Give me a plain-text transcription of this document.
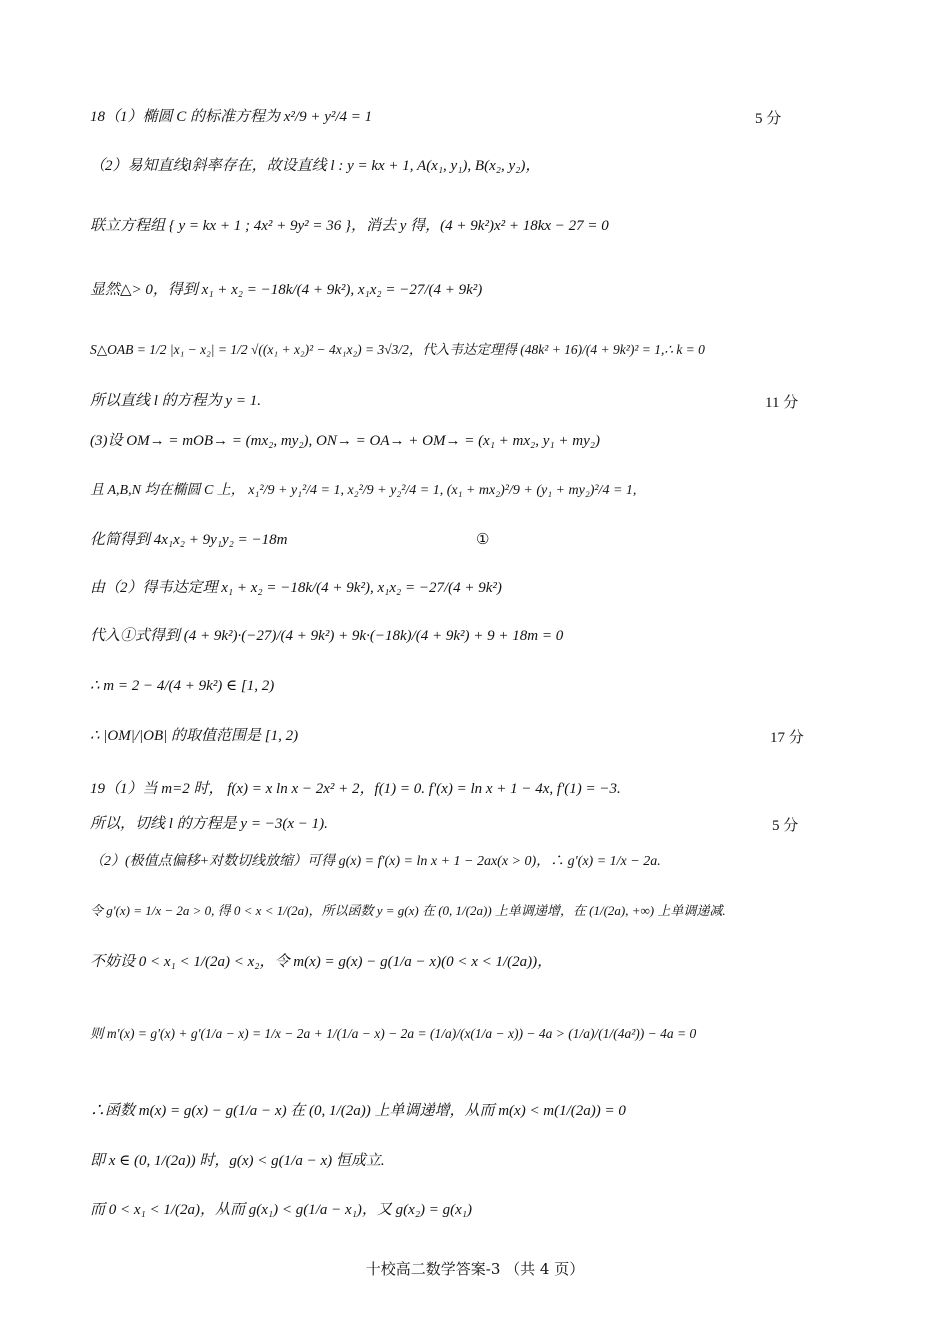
18（1）椭圆 C 的标准方程为 x²/9 + y²/4 = 1	5 分
（2）易知直线l斜率存在，故设直线 l : y = kx + 1, A(x₁, y₁), B(x₂, y₂)，
联立方程组 { y = kx + 1 ; 4x² + 9y² = 36 }，消去 y 得，(4 + 9k²)x² + 18kx − 27 = 0
显然△> 0，得到 x₁ + x₂ = −18k/(4 + 9k²), x₁x₂ = −27/(4 + 9k²)
S△OAB = 1/2 |x₁ − x₂| = 1/2 √((x₁ + x₂)² − 4x₁x₂) = 3√3/2，代入韦达定理得 (48k² + 16)/(4 + 9k²)² = 1,∴ k = 0
所以直线 l 的方程为 y = 1.	11 分
(3)设 OM→ = mOB→ = (mx₂, my₂), ON→ = OA→ + OM→ = (x₁ + mx₂, y₁ + my₂)
且 A,B,N 均在椭圆 C 上， x₁²/9 + y₁²/4 = 1, x₂²/9 + y₂²/4 = 1, (x₁ + mx₂)²/9 + (y₁ + my₂)²/4 = 1,
化简得到 4x₁x₂ + 9y₁y₂ = −18m	①
由（2）得韦达定理 x₁ + x₂ = −18k/(4 + 9k²), x₁x₂ = −27/(4 + 9k²)
代入①式得到 (4 + 9k²)·(−27)/(4 + 9k²) + 9k·(−18k)/(4 + 9k²) + 9 + 18m = 0
∴ m = 2 − 4/(4 + 9k²) ∈ [1, 2)
∴ |OM|/|OB| 的取值范围是 [1, 2)	17 分
19（1）当 m=2 时， f(x) = x ln x − 2x² + 2，f(1) = 0. f'(x) = ln x + 1 − 4x, f'(1) = −3.
所以，切线 l 的方程是 y = −3(x − 1).	5 分
（2）(极值点偏移+对数切线放缩）可得 g(x) = f'(x) = ln x + 1 − 2ax(x > 0)，∴ g'(x) = 1/x − 2a.
令 g'(x) = 1/x − 2a > 0, 得 0 < x < 1/(2a)，所以函数 y = g(x) 在 (0, 1/(2a)) 上单调递增，在 (1/(2a), +∞) 上单调递减.
不妨设 0 < x₁ < 1/(2a) < x₂，令 m(x) = g(x) − g(1/a − x)(0 < x < 1/(2a))，
则 m'(x) = g'(x) + g'(1/a − x) = 1/x − 2a + 1/(1/a − x) − 2a = (1/a)/(x(1/a − x)) − 4a > (1/a)/(1/(4a²)) − 4a = 0
∴函数 m(x) = g(x) − g(1/a − x) 在 (0, 1/(2a)) 上单调递增，从而 m(x) < m(1/(2a)) = 0
即 x ∈ (0, 1/(2a)) 时，g(x) < g(1/a − x) 恒成立.
而 0 < x₁ < 1/(2a)，从而 g(x₁) < g(1/a − x₁)，又 g(x₂) = g(x₁)
十校高二数学答案-3 （共 4 页）
